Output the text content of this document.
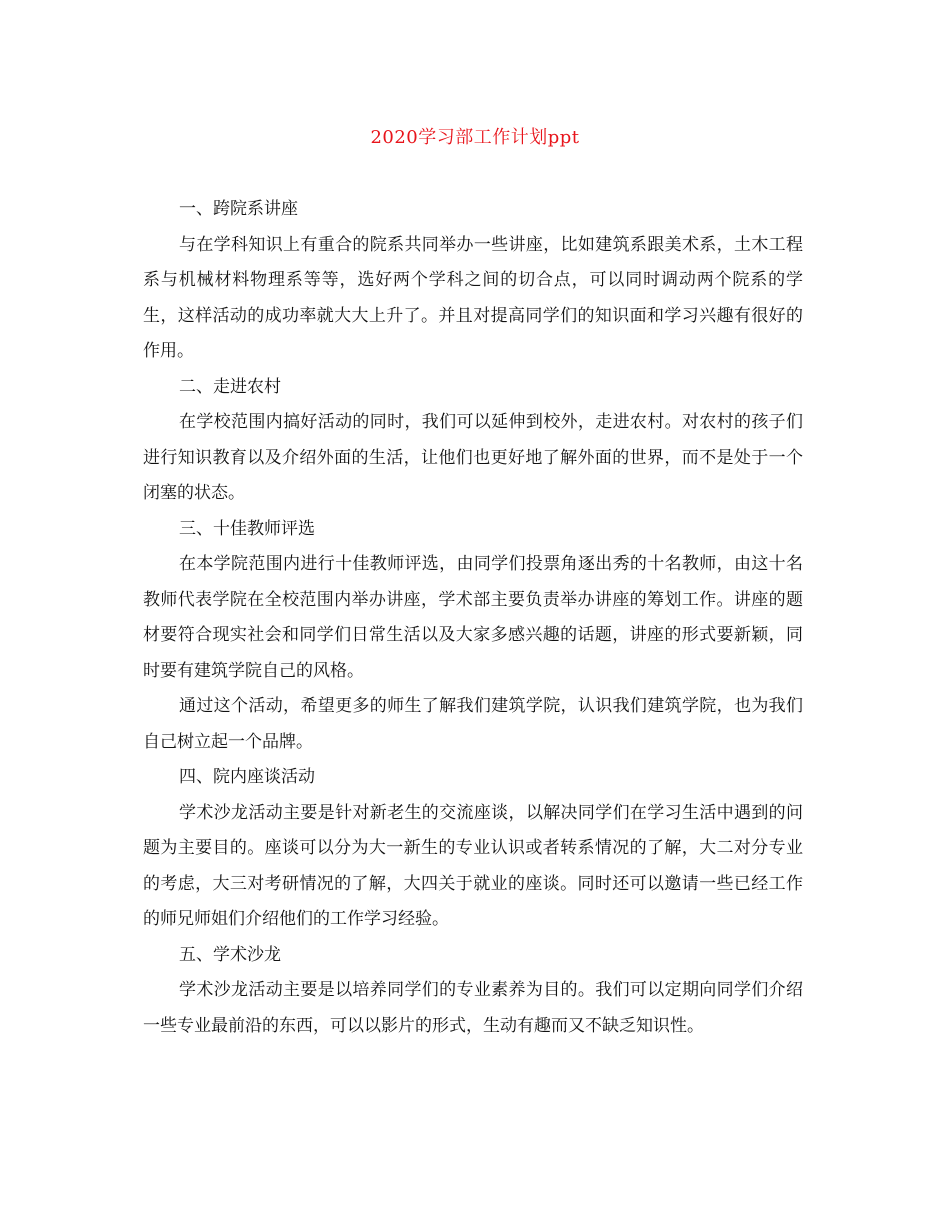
2020学习部工作计划ppt

一、跨院系讲座

与在学科知识上有重合的院系共同举办一些讲座，比如建筑系跟美术系，土木工程系与机械材料物理系等等，选好两个学科之间的切合点，可以同时调动两个院系的学生，这样活动的成功率就大大上升了。并且对提高同学们的知识面和学习兴趣有很好的作用。

二、走进农村

在学校范围内搞好活动的同时，我们可以延伸到校外，走进农村。对农村的孩子们进行知识教育以及介绍外面的生活，让他们也更好地了解外面的世界，而不是处于一个闭塞的状态。

三、十佳教师评选

在本学院范围内进行十佳教师评选，由同学们投票角逐出秀的十名教师，由这十名教师代表学院在全校范围内举办讲座，学术部主要负责举办讲座的筹划工作。讲座的题材要符合现实社会和同学们日常生活以及大家多感兴趣的话题，讲座的形式要新颖，同时要有建筑学院自己的风格。

通过这个活动，希望更多的师生了解我们建筑学院，认识我们建筑学院，也为我们自己树立起一个品牌。

四、院内座谈活动

学术沙龙活动主要是针对新老生的交流座谈，以解决同学们在学习生活中遇到的问题为主要目的。座谈可以分为大一新生的专业认识或者转系情况的了解，大二对分专业的考虑，大三对考研情况的了解，大四关于就业的座谈。同时还可以邀请一些已经工作的师兄师姐们介绍他们的工作学习经验。

五、学术沙龙

学术沙龙活动主要是以培养同学们的专业素养为目的。我们可以定期向同学们介绍一些专业最前沿的东西，可以以影片的形式，生动有趣而又不缺乏知识性。
